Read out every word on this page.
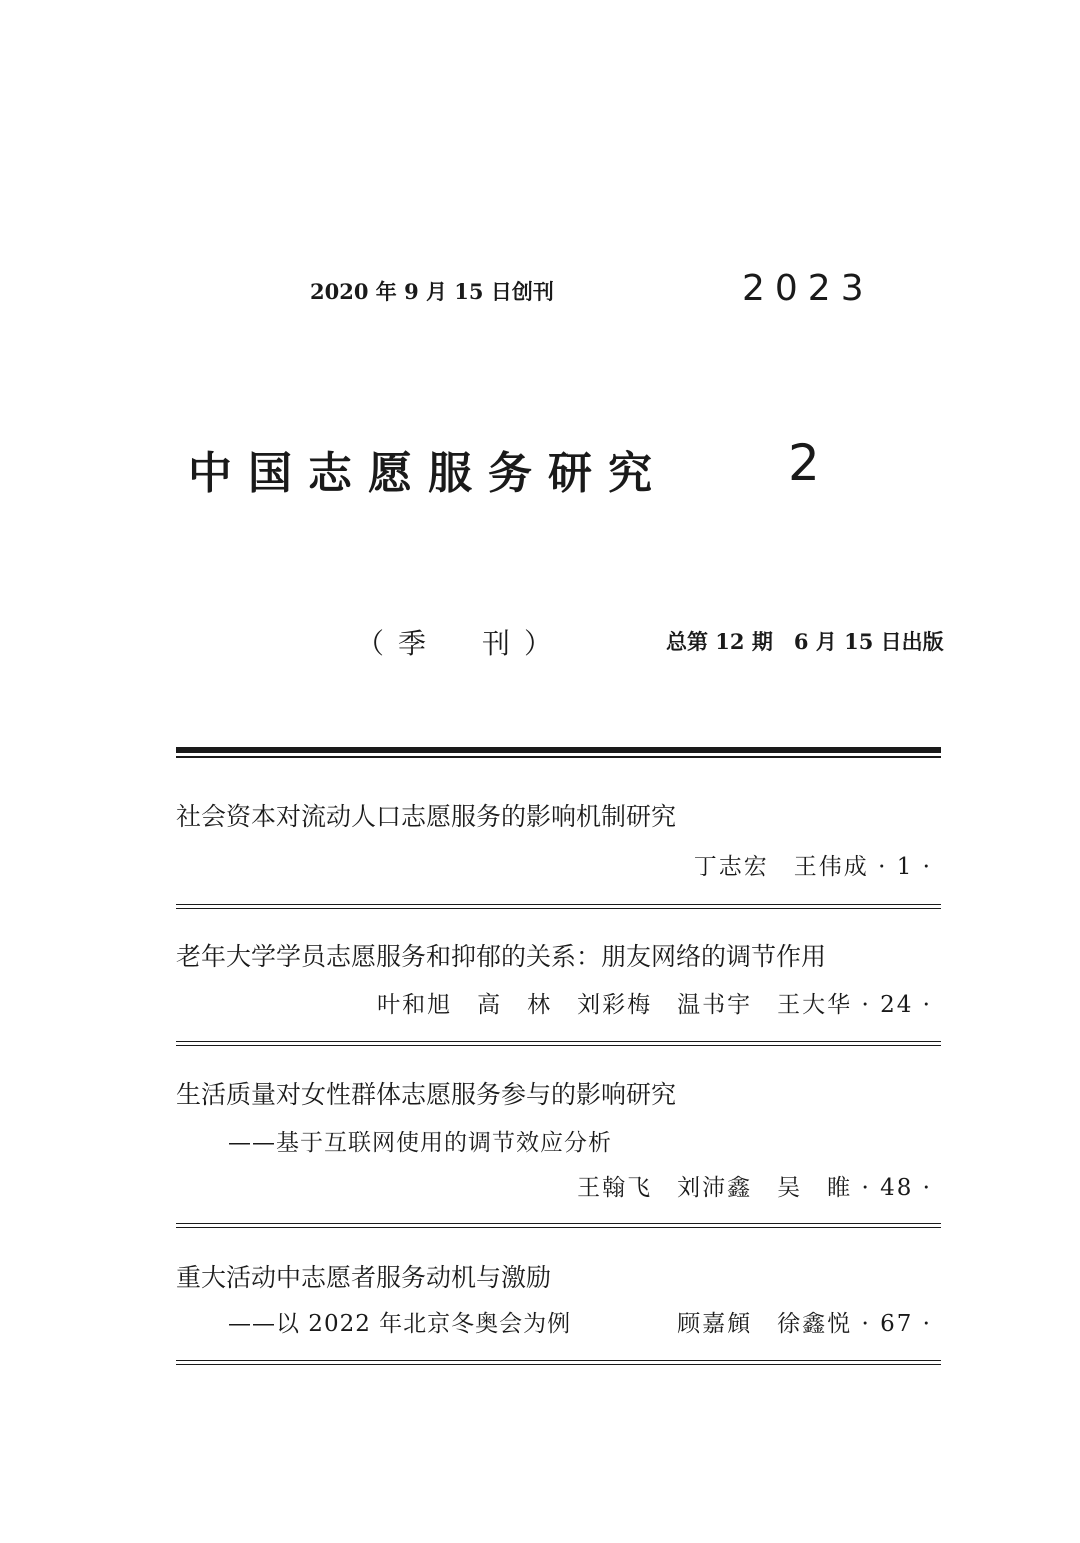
2020 年 9 月 15 日创刊	2023
中国志愿服务研究 2
（季　刊）	总第 12 期　6 月 15 日出版
社会资本对流动人口志愿服务的影响机制研究
丁志宏　王伟成 · 1 ·
老年大学学员志愿服务和抑郁的关系：朋友网络的调节作用
叶和旭　高　林　刘彩梅　温书宇　王大华 · 24 ·
生活质量对女性群体志愿服务参与的影响研究
——基于互联网使用的调节效应分析
王翰飞　刘沛鑫　吴　睢 · 48 ·
重大活动中志愿者服务动机与激励
——以 2022 年北京冬奥会为例	顾嘉頠　徐鑫悦 · 67 ·
